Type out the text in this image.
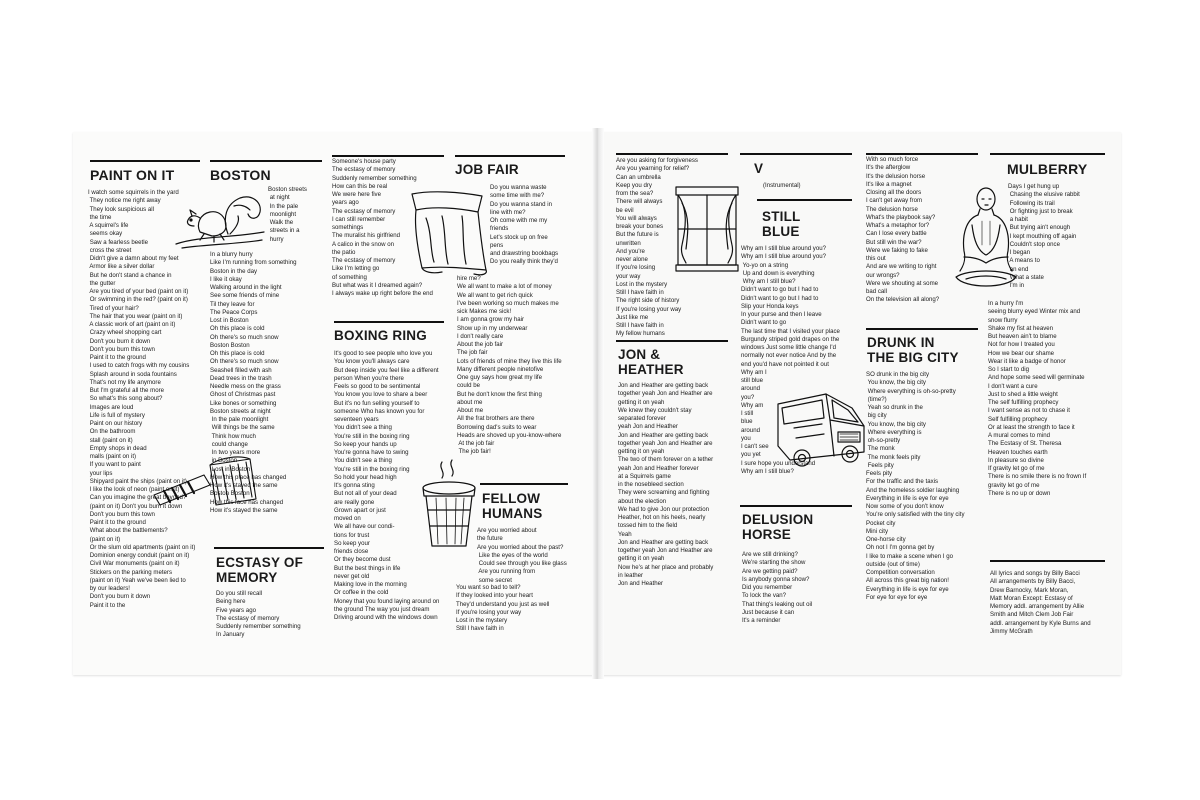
PAINT ON IT
I watch some squirrels in the yard
They notice me right away
They look suspicious all
the time
A squirrel's life
seems okay
Saw a fearless beetle
cross the street
Didn't give a damn about my feet
Armor like a silver dollar
But he don't stand a chance in
the gutter
Are you tired of your bed (paint on it)
Or swimming in the red? (paint on it)
Tired of your hair?
The hair that you wear (paint on it)
A classic work of art (paint on it)
Crazy wheel shopping cart
Don't you burn it down
Don't you burn this town
Paint it to the ground
I used to catch frogs with my cousins
Splash around in soda fountains
That's not my life anymore
But I'm grateful all the more
So what's this song about?
Images are loud
Life is full of mystery
Paint on our history
On the bathroom
stall (paint on it)
Empty shops in dead
malls (paint on it)
If you want to paint
your lips
Shipyard paint the ships (paint on it)
I like the look of neon (paint on it)
Can you imagine the great beyond?
(paint on it) Don't you burn it down
Don't you burn this town
Paint it to the ground
What about the battlements?
(paint on it)
Or the slum old apartments (paint on it)
Dominion energy conduit (paint on it)
Civil War monuments (paint on it)
Stickers on the parking meters
(paint on it) Yeah we've been lied to
by our leaders!
Don't you burn it down
Paint it to the
BOSTON
Boston streets
at night
In the pale
moonlight
Walk the
streets in a
hurry
In a blurry hurry
Like I'm running from something
Boston in the day
I like it okay
Walking around in the light
See some friends of mine
Til they leave for
The Peace Corps
Lost in Boston
Oh this place is cold
Oh there's so much snow
Boston Boston
Oh this place is cold
Oh there's so much snow
Seashell filled with ash
Dead trees in the trash
Needle mess on the grass
Ghost of Christmas past
Like bones or something
Boston streets at night
In the pale moonlight
Will things be the same
Think how much
could change
In two years more
in Boston
Lost in Boston
How this place has changed
How it's stayed the same
Boston Boston
How this face has changed
How it's stayed the same
ECSTASY OF
MEMORY
Do you still recall
Being here
Five years ago
The ecstasy of memory
Suddenly remember something
In January
Someone's house party
The ecstasy of memory
Suddenly remember something
How can this be real
We were here five
years ago
The ecstasy of memory
I can still remember
somethings
The muralist his girlfriend
A calico in the snow on
the patio
The ecstasy of memory
Like I'm letting go
of something
But what was it I dreamed again?
I always wake up right before the end
BOXING RING
It's good to see people who love you
You know you'll always care
But deep inside you feel like a different
person When you're there
Feels so good to be sentimental
You know you love to share a beer
But it's no fun selling yourself to
someone Who has known you for
seventeen years
You didn't see a thing
You're still in the boxing ring
So keep your hands up
You're gonna have to swing
You didn't see a thing
You're still in the boxing ring
So hold your head high
It's gonna sting
But not all of your dead
are really gone
Grown apart or just
moved on
We all have our condi-
tions for trust
So keep your
friends close
Or they become dust
But the best things in life
never get old
Making love in the morning
Or coffee in the cold
Money that you found laying around on
the ground The way you just dream
Driving around with the windows down
JOB FAIR
Do you wanna waste
some time with me?
Do you wanna stand in
line with me?
Oh come with me my
friends
Let's stock up on free
pens
and drawstring bookbags
Do you really think they'd
hire me?
We all want to make a lot of money
We all want to get rich quick
I've been working so much makes me
sick Makes me sick!
I am gonna grow my hair
Show up in my underwear
I don't really care
About the job fair
The job fair
Lots of friends of mine they live this life
Many different people ninetofive
One guy says how great my life
could be
But he don't know the first thing
about me
About me
All the frat brothers are there
Borrowing dad's suits to wear
Heads are shoved up you-know-where
At the job fair
The job fair!
FELLOW
HUMANS
Are you worried about
the future
Are you worried about the past?
Like the eyes of the world
Could see through you like glass
Are you running from
some secret
You want so bad to tell?
If they looked into your heart
They'd understand you just as well
If you're losing your way
Lost in the mystery
Still I have faith in
Are you asking for forgiveness
Are you yearning for relief?
Can an umbrella
Keep you dry
from the sea?
There will always
be evil
You will always
break your bones
But the future is
unwritten
And you're
never alone
If you're losing
your way
Lost in the mystery
Still I have faith in
The right side of history
If you're losing your way
Just like me
Still I have faith in
My fellow humans
JON &
HEATHER
Jon and Heather are getting back
together yeah Jon and Heather are
getting it on yeah
We knew they couldn't stay
separated forever
yeah Jon and Heather
Jon and Heather are getting back
together yeah Jon and Heather are
getting it on yeah
The two of them forever on a tether
yeah Jon and Heather forever
at a Squirrels game
in the nosebleed section
They were screaming and fighting
about the election
We had to give Jon our protection
Heather, hot on his heels, nearly
tossed him to the field
Yeah
Jon and Heather are getting back
together yeah Jon and Heather are
getting it on yeah
Now he's at her place and probably
in leather
Jon and Heather
V
(Instrumental)
STILL
BLUE
Why am I still blue around you?
Why am I still blue around you?
Yo-yo on a string
Up and down is everything
Why am I still blue?
Didn't want to go but I had to
Didn't want to go but I had to
Slip your Honda keys
In your purse and then I leave
Didn't want to go
The last time that I visited your place
Burgundy striped gold drapes on the
windows Just some little change I'd
normally not ever notice And by the
end you'd have not pointed it out
Why am I
still blue
around
you?
Why am
I still
blue
around
you
I can't see
you yet
I sure hope you understand
Why am I still blue?
DELUSION
HORSE
Are we still drinking?
We're starting the show
Are we getting paid?
Is anybody gonna show?
Did you remember
To lock the van?
That thing's leaking out oil
Just because it can
It's a reminder
With so much force
It's the afterglow
It's the delusion horse
It's like a magnet
Closing all the doors
I can't get away from
The delusion horse
What's the playbook say?
What's a metaphor for?
Can I lose every battle
But still win the war?
Were we faking to fake
this out
And are we writing to right
our wrongs?
Were we shouting at some
bad call
On the television all along?
DRUNK IN
THE BIG CITY
SO drunk in the big city
You know, the big city
Where everything is oh-so-pretty
(time?)
Yeah so drunk in the
big city
You know, the big city
Where everything is
oh-so-pretty
The monk
The monk feels pity
Feels pity
Feels pity
For the traffic and the taxis
And the homeless soldier laughing
Everything in life is eye for eye
Now some of you don't know
You're only satisfied with the tiny city
Pocket city
Mini city
One-horse city
Oh not I I'm gonna get by
I like to make a scene when I go
outside (out of time)
Competition conversation
All across this great big nation!
Everything in life is eye for eye
For eye for eye for eye
MULBERRY
Days I get hung up
Chasing the elusive rabbit
Following its trail
Or fighting just to break
a habit
But trying ain't enough
I kept mouthing off again
Couldn't stop once
I began
A means to
an end
What a state
I'm in
In a hurry I'm
seeing blurry eyed Winter mix and
snow flurry
Shake my fist at heaven
But heaven ain't to blame
Not for how I treated you
How we bear our shame
Wear it like a badge of honor
So I start to dig
And hope some seed will germinate
I don't want a cure
Just to shed a little weight
The self fulfilling prophecy
I want sense as not to chase it
Self fulfilling prophecy
Or at least the strength to face it
A mural comes to mind
The Ecstasy of St. Theresa
Heaven touches earth
In pleasure so divine
If gravity let go of me
There is no smile there is no frown If
gravity let go of me
There is no up or down
All lyrics and songs by Billy Bacci
All arrangements by Billy Bacci,
Drew Barnocky, Mark Moran,
Matt Moran Except: Ecstasy of
Memory addl. arrangement by Allie
Smith and Mitch Clem Job Fair
addl. arrangement by Kyle Burns and
Jimmy McGrath
